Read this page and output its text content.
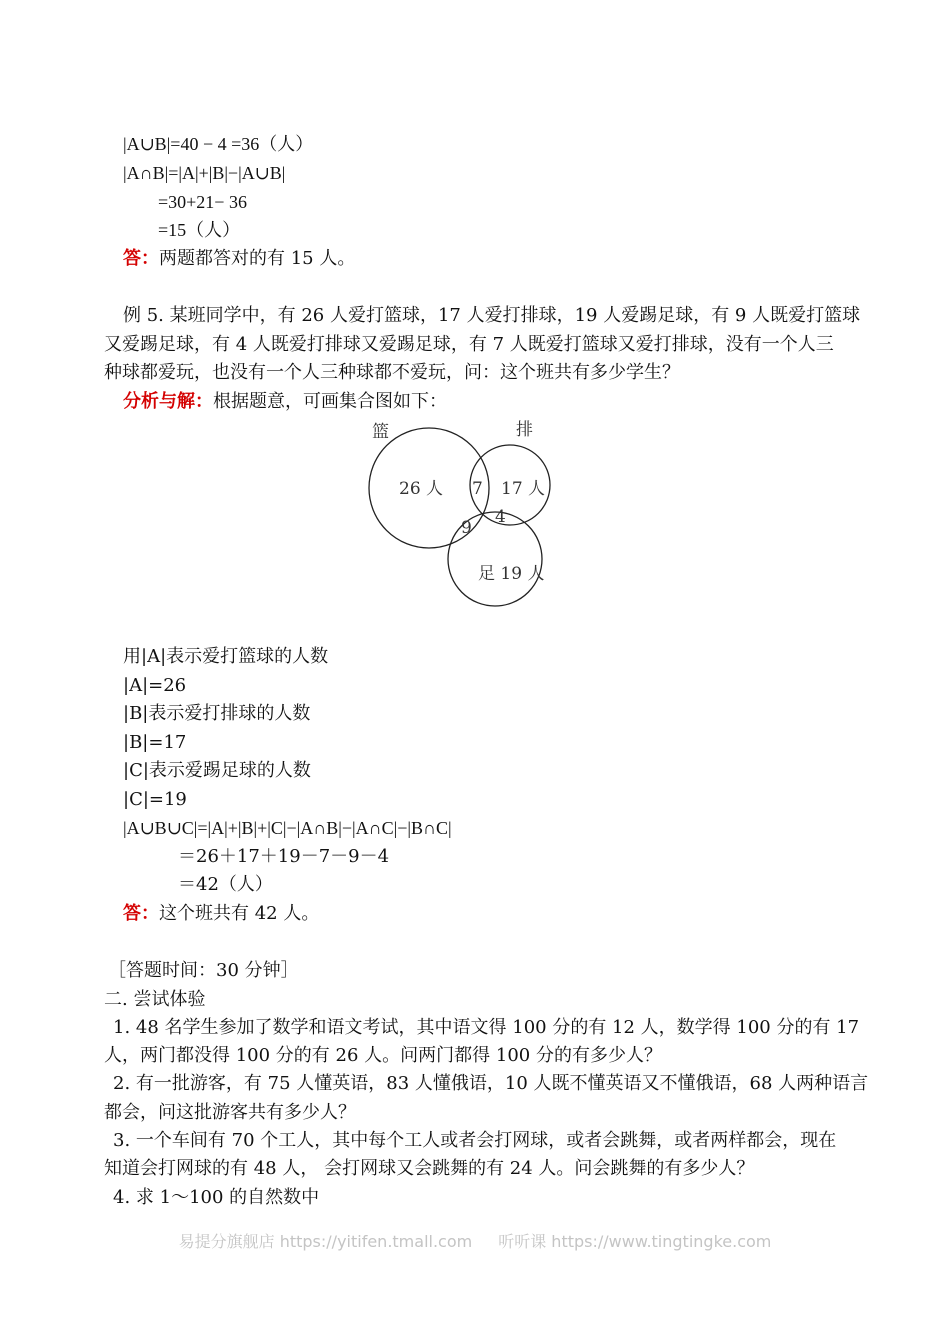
|A∪B|=40 − 4 =36（人）
|A∩B|=|A|+|B|−|A∪B|
=30+21− 36
=15（人）
答：两题都答对的有 15 人。
例 5. 某班同学中，有 26 人爱打篮球，17 人爱打排球，19 人爱踢足球，有 9 人既爱打篮球
又爱踢足球，有 4 人既爱打排球又爱踢足球，有 7 人既爱打篮球又爱打排球，没有一个人三
种球都爱玩，也没有一个人三种球都不爱玩，问：这个班共有多少学生？
分析与解：根据题意，可画集合图如下：
篮	排
26 人 7 17 人
4
9
足 19 人
用|A|表示爱打篮球的人数
|A|=26
|B|表示爱打排球的人数
|B|=17
|C|表示爱踢足球的人数
|C|=19
|A∪B∪C|=|A|+|B|+|C|−|A∩B|−|A∩C|−|B∩C|
＝26＋17＋19－7－9－4
＝42（人）
答：这个班共有 42 人。
［答题时间：30 分钟］
二. 尝试体验
1. 48 名学生参加了数学和语文考试，其中语文得 100 分的有 12 人，数学得 100 分的有 17
人，两门都没得 100 分的有 26 人。问两门都得 100 分的有多少人？
2. 有一批游客，有 75 人懂英语，83 人懂俄语，10 人既不懂英语又不懂俄语，68 人两种语言
都会，问这批游客共有多少人？
3. 一个车间有 70 个工人，其中每个工人或者会打网球，或者会跳舞，或者两样都会，现在
知道会打网球的有 48 人， 会打网球又会跳舞的有 24 人。问会跳舞的有多少人？
4. 求 1～100 的自然数中
易提分旗舰店 https://yitifen.tmall.com 听听课 https://www.tingtingke.com
